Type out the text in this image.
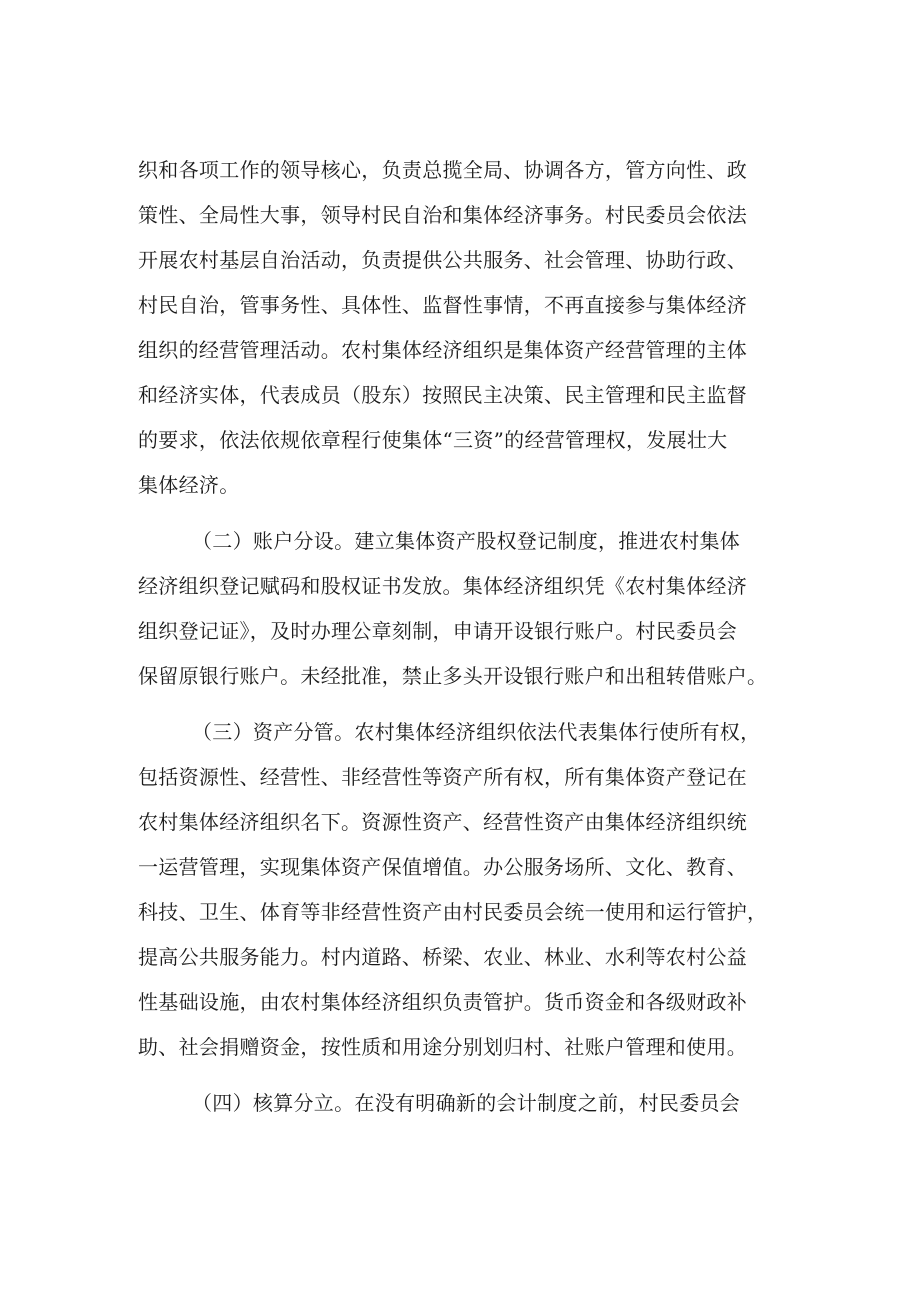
织和各项工作的领导核心，负责总揽全局、协调各方，管方向性、政
策性、全局性大事，领导村民自治和集体经济事务。村民委员会依法
开展农村基层自治活动，负责提供公共服务、社会管理、协助行政、
村民自治，管事务性、具体性、监督性事情，不再直接参与集体经济
组织的经营管理活动。农村集体经济组织是集体资产经营管理的主体
和经济实体，代表成员（股东）按照民主决策、民主管理和民主监督
的要求，依法依规依章程行使集体“三资”的经营管理权，发展壮大
集体经济。
（二）账户分设。建立集体资产股权登记制度，推进农村集体
经济组织登记赋码和股权证书发放。集体经济组织凭《农村集体经济
组织登记证》，及时办理公章刻制，申请开设银行账户。村民委员会
保留原银行账户。未经批准，禁止多头开设银行账户和出租转借账户。
（三）资产分管。农村集体经济组织依法代表集体行使所有权，
包括资源性、经营性、非经营性等资产所有权，所有集体资产登记在
农村集体经济组织名下。资源性资产、经营性资产由集体经济组织统
一运营管理，实现集体资产保值增值。办公服务场所、文化、教育、
科技、卫生、体育等非经营性资产由村民委员会统一使用和运行管护，
提高公共服务能力。村内道路、桥梁、农业、林业、水利等农村公益
性基础设施，由农村集体经济组织负责管护。货币资金和各级财政补
助、社会捐赠资金，按性质和用途分别划归村、社账户管理和使用。
（四）核算分立。在没有明确新的会计制度之前，村民委员会
